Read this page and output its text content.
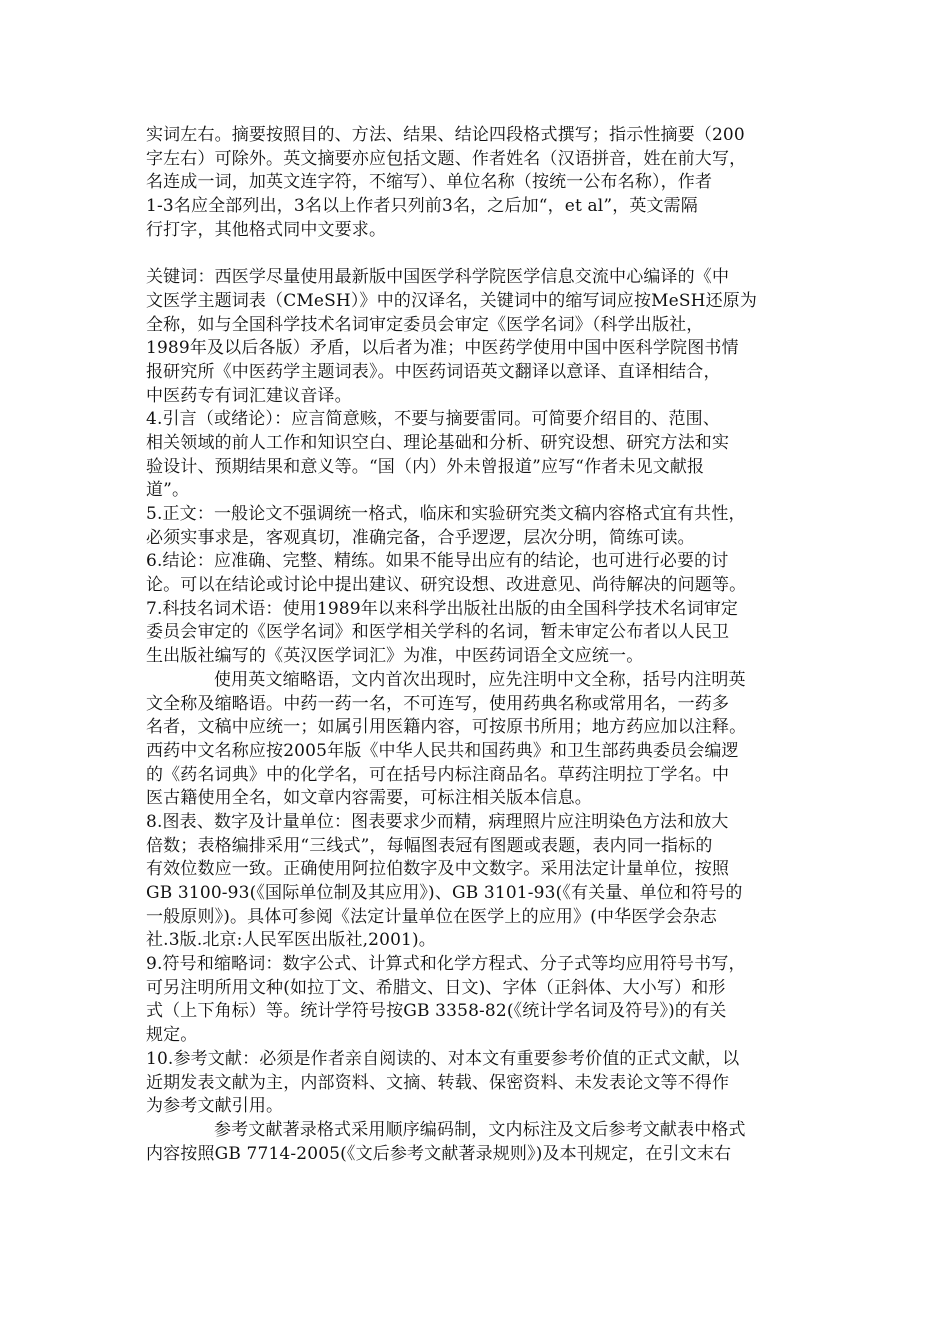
实词左右。摘要按照目的、方法、结果、结论四段格式撰写；指示性摘要（200
字左右）可除外。英文摘要亦应包括文题、作者姓名（汉语拼音，姓在前大写，
名连成一词，加英文连字符，不缩写）、单位名称（按统一公布名称），作者
1-3名应全部列出，3名以上作者只列前3名，之后加“，et al”，英文需隔
行打字，其他格式同中文要求。
关键词：西医学尽量使用最新版中国医学科学院医学信息交流中心编译的《中
文医学主题词表（CMeSH）》中的汉译名，关键词中的缩写词应按MeSH还原为
全称，如与全国科学技术名词审定委员会审定《医学名词》（科学出版社，
1989年及以后各版）矛盾，以后者为准；中医药学使用中国中医科学院图书情
报研究所《中医药学主题词表》。中医药词语英文翻译以意译、直译相结合，
中医药专有词汇建议音译。
4.引言（或绪论）：应言简意赅，不要与摘要雷同。可简要介绍目的、范围、
相关领域的前人工作和知识空白、理论基础和分析、研究设想、研究方法和实
验设计、预期结果和意义等。“国（内）外未曾报道”应写“作者未见文献报
道”。
5.正文：一般论文不强调统一格式，临床和实验研究类文稿内容格式宜有共性，
必须实事求是，客观真切，准确完备，合乎逻逻，层次分明，简练可读。
6.结论：应准确、完整、精练。如果不能导出应有的结论，也可进行必要的讨
论。可以在结论或讨论中提出建议、研究设想、改进意见、尚待解决的问题等。
7.科技名词术语：使用1989年以来科学出版社出版的由全国科学技术名词审定
委员会审定的《医学名词》和医学相关学科的名词，暂未审定公布者以人民卫
生出版社编写的《英汉医学词汇》为准，中医药词语全文应统一。
使用英文缩略语，文内首次出现时，应先注明中文全称，括号内注明英
文全称及缩略语。中药一药一名，不可连写，使用药典名称或常用名，一药多
名者，文稿中应统一；如属引用医籍内容，可按原书所用；地方药应加以注释。
西药中文名称应按2005年版《中华人民共和国药典》和卫生部药典委员会编逻
的《药名词典》中的化学名，可在括号内标注商品名。草药注明拉丁学名。中
医古籍使用全名，如文章内容需要，可标注相关版本信息。
8.图表、数字及计量单位：图表要求少而精，病理照片应注明染色方法和放大
倍数；表格编排采用“三线式”，每幅图表冠有图题或表题，表内同一指标的
有效位数应一致。正确使用阿拉伯数字及中文数字。采用法定计量单位，按照
GB 3100-93(《国际单位制及其应用》)、GB 3101-93(《有关量、单位和符号的
一般原则》)。具体可参阅《法定计量单位在医学上的应用》(中华医学会杂志
社.3版.北京:人民军医出版社,2001)。
9.符号和缩略词：数字公式、计算式和化学方程式、分子式等均应用符号书写，
可另注明所用文种(如拉丁文、希腊文、日文)、字体（正斜体、大小写）和形
式（上下角标）等。统计学符号按GB 3358-82(《统计学名词及符号》)的有关
规定。
10.参考文献：必须是作者亲自阅读的、对本文有重要参考价值的正式文献，以
近期发表文献为主，内部资料、文摘、转载、保密资料、未发表论文等不得作
为参考文献引用。
参考文献著录格式采用顺序编码制，文内标注及文后参考文献表中格式
内容按照GB 7714-2005(《文后参考文献著录规则》)及本刊规定，在引文末右
